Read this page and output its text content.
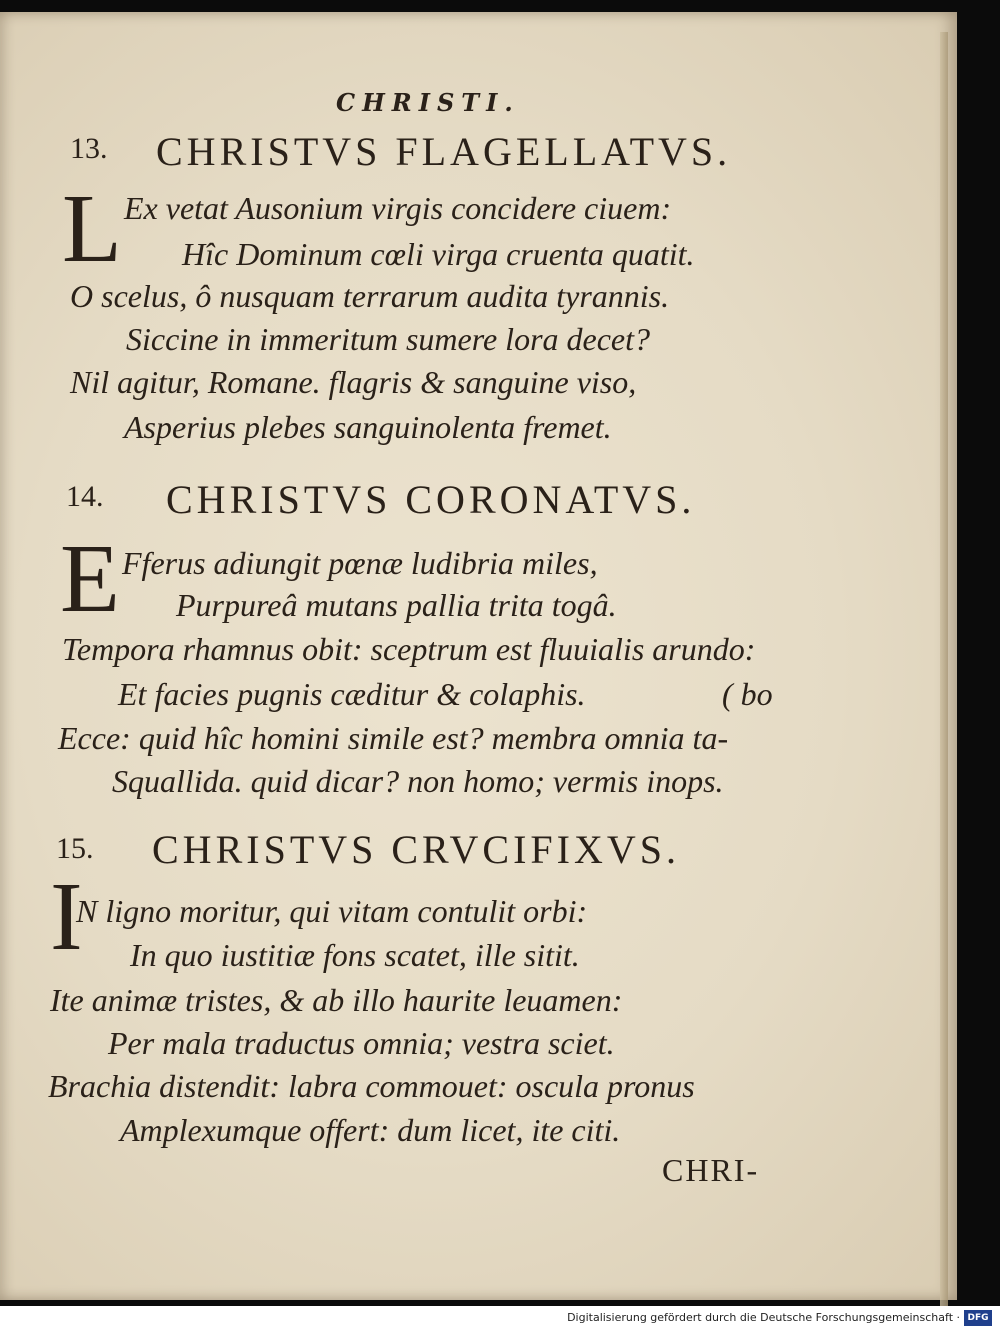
CHRISTI.
13. CHRISTVS FLAGELLATVS.
L Ex vetat Ausonium virgis concidere ciuem:
Hîc Dominum cœli virga cruenta quatit.
O scelus, ô nusquam terrarum audita tyrannis.
Siccine in immeritum sumere lora decet?
Nil agitur, Romane. flagris & sanguine viso,
Asperius plebes sanguinolenta fremet.
14. CHRISTVS CORONATVS.
E Fferus adiungit pœnæ ludibria miles,
Purpureâ mutans pallia trita togâ.
Tempora rhamnus obit: sceptrum est fluuialis arundo:
Et facies pugnis cæditur & colaphis.	( bo
Ecce: quid hîc homini simile est? membra omnia ta-
Squallida. quid dicar? non homo; vermis inops.
15. CHRISTVS CRVCIFIXVS.
I
N ligno moritur, qui vitam contulit orbi:
In quo iustitiæ fons scatet, ille sitit.
Ite animæ tristes, & ab illo haurite leuamen:
Per mala traductus omnia; vestra sciet.
Brachia distendit: labra commouet: oscula pronus
Amplexumque offert: dum licet, ite citi.
CHRI-
Digitalisierung gefördert durch die Deutsche Forschungsgemeinschaft · DFG
